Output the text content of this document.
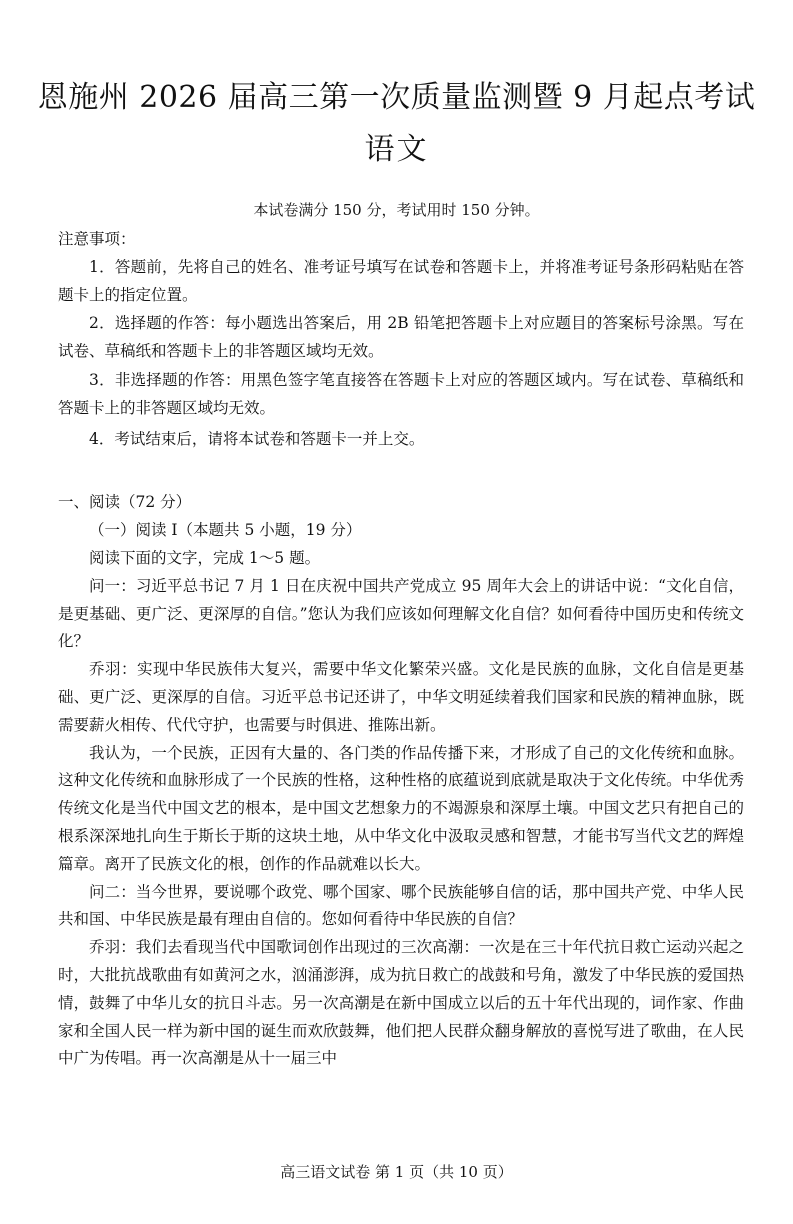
恩施州 2026 届高三第一次质量监测暨 9 月起点考试
语文
本试卷满分 150 分，考试用时 150 分钟。

注意事项：

1．答题前，先将自己的姓名、准考证号填写在试卷和答题卡上，并将准考证号条形码粘贴在答题卡上的指定位置。

2．选择题的作答：每小题选出答案后，用 2B 铅笔把答题卡上对应题目的答案标号涂黑。写在试卷、草稿纸和答题卡上的非答题区域均无效。

3．非选择题的作答：用黑色签字笔直接答在答题卡上对应的答题区域内。写在试卷、草稿纸和答题卡上的非答题区域均无效。

4．考试结束后，请将本试卷和答题卡一并上交。

一、阅读（72 分）

（一）阅读 I（本题共 5 小题，19 分）

阅读下面的文字，完成 1～5 题。

问一：习近平总书记 7 月 1 日在庆祝中国共产党成立 95 周年大会上的讲话中说：“文化自信，是更基础、更广泛、更深厚的自信。”您认为我们应该如何理解文化自信？如何看待中国历史和传统文化？

乔羽：实现中华民族伟大复兴，需要中华文化繁荣兴盛。文化是民族的血脉，文化自信是更基础、更广泛、更深厚的自信。习近平总书记还讲了，中华文明延续着我们国家和民族的精神血脉，既需要薪火相传、代代守护，也需要与时俱进、推陈出新。

我认为，一个民族，正因有大量的、各门类的作品传播下来，才形成了自己的文化传统和血脉。这种文化传统和血脉形成了一个民族的性格，这种性格的底蕴说到底就是取决于文化传统。中华优秀传统文化是当代中国文艺的根本，是中国文艺想象力的不竭源泉和深厚土壤。中国文艺只有把自己的根系深深地扎向生于斯长于斯的这块土地，从中华文化中汲取灵感和智慧，才能书写当代文艺的辉煌篇章。离开了民族文化的根，创作的作品就难以长大。

问二：当今世界，要说哪个政党、哪个国家、哪个民族能够自信的话，那中国共产党、中华人民共和国、中华民族是最有理由自信的。您如何看待中华民族的自信？

乔羽：我们去看现当代中国歌词创作出现过的三次高潮：一次是在三十年代抗日救亡运动兴起之时，大批抗战歌曲有如黄河之水，汹涌澎湃，成为抗日救亡的战鼓和号角，激发了中华民族的爱国热情，鼓舞了中华儿女的抗日斗志。另一次高潮是在新中国成立以后的五十年代出现的，词作家、作曲家和全国人民一样为新中国的诞生而欢欣鼓舞，他们把人民群众翻身解放的喜悦写进了歌曲，在人民中广为传唱。再一次高潮是从十一届三中

高三语文试卷 第 1 页（共 10 页）
